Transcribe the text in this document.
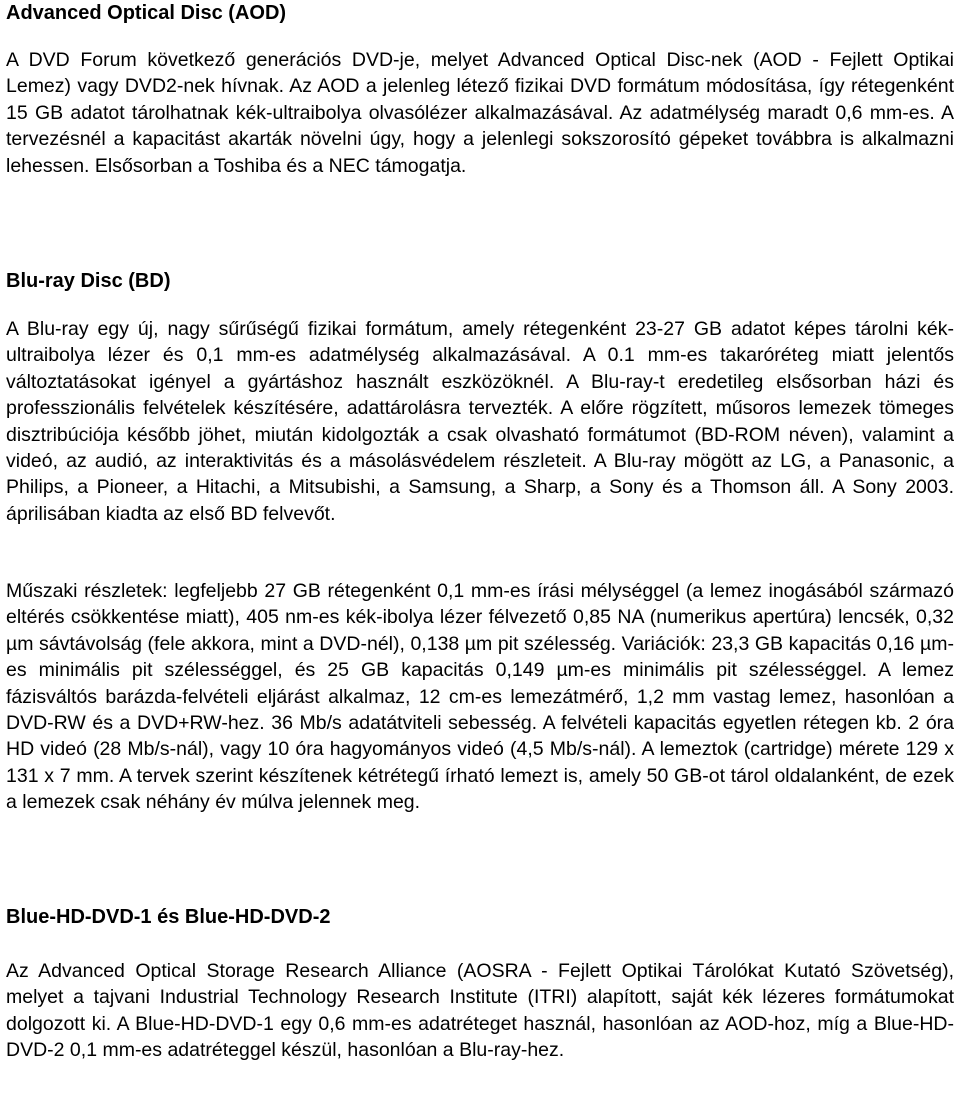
Advanced Optical Disc (AOD)

A DVD Forum következő generációs DVD-je, melyet Advanced Optical Disc-nek (AOD - Fejlett Optikai Lemez) vagy DVD2-nek hívnak. Az AOD a jelenleg létező fizikai DVD formátum módosítása, így rétegenként 15 GB adatot tárolhatnak kék-ultraibolya olvasólézer alkalmazásával. Az adatmélység maradt 0,6 mm-es. A tervezésnél a kapacitást akarták növelni úgy, hogy a jelenlegi sokszorosító gépeket továbbra is alkalmazni lehessen. Elsősorban a Toshiba és a NEC támogatja.

Blu-ray Disc (BD)

A Blu-ray egy új, nagy sűrűségű fizikai formátum, amely rétegenként 23-27 GB adatot képes tárolni kék-ultraibolya lézer és 0,1 mm-es adatmélység alkalmazásával. A 0.1 mm-es takaróréteg miatt jelentős változtatásokat igényel a gyártáshoz használt eszközöknél. A Blu-ray-t eredetileg elsősorban házi és professzionális felvételek készítésére, adattárolásra tervezték. A előre rögzített, műsoros lemezek tömeges disztribúciója később jöhet, miután kidolgozták a csak olvasható formátumot (BD-ROM néven), valamint a videó, az audió, az interaktivitás és a másolásvédelem részleteit. A Blu-ray mögött az LG, a Panasonic, a Philips, a Pioneer, a Hitachi, a Mitsubishi, a Samsung, a Sharp, a Sony és a Thomson áll. A Sony 2003. áprilisában kiadta az első BD felvevőt.

Műszaki részletek: legfeljebb 27 GB rétegenként 0,1 mm-es írási mélységgel (a lemez inogásából származó eltérés csökkentése miatt), 405 nm-es kék-ibolya lézer félvezető 0,85 NA (numerikus apertúra) lencsék, 0,32 µm sávtávolság (fele akkora, mint a DVD-nél), 0,138 µm pit szélesség. Variációk: 23,3 GB kapacitás 0,16 µm-es minimális pit szélességgel, és 25 GB kapacitás 0,149 µm-es minimális pit szélességgel. A lemez fázisváltós barázda-felvételi eljárást alkalmaz, 12 cm-es lemezátmérő, 1,2 mm vastag lemez, hasonlóan a DVD-RW és a DVD+RW-hez. 36 Mb/s adatátviteli sebesség. A felvételi kapacitás egyetlen rétegen kb. 2 óra HD videó (28 Mb/s-nál), vagy 10 óra hagyományos videó (4,5 Mb/s-nál). A lemeztok (cartridge) mérete 129 x 131 x 7 mm. A tervek szerint készítenek kétrétegű írható lemezt is, amely 50 GB-ot tárol oldalanként, de ezek a lemezek csak néhány év múlva jelennek meg.

Blue-HD-DVD-1 és Blue-HD-DVD-2

Az Advanced Optical Storage Research Alliance (AOSRA - Fejlett Optikai Tárolókat Kutató Szövetség), melyet a tajvani Industrial Technology Research Institute (ITRI) alapított, saját kék lézeres formátumokat dolgozott ki. A Blue-HD-DVD-1 egy 0,6 mm-es adatréteget használ, hasonlóan az AOD-hoz, míg a Blue-HD-DVD-2 0,1 mm-es adatréteggel készül, hasonlóan a Blu-ray-hez.
